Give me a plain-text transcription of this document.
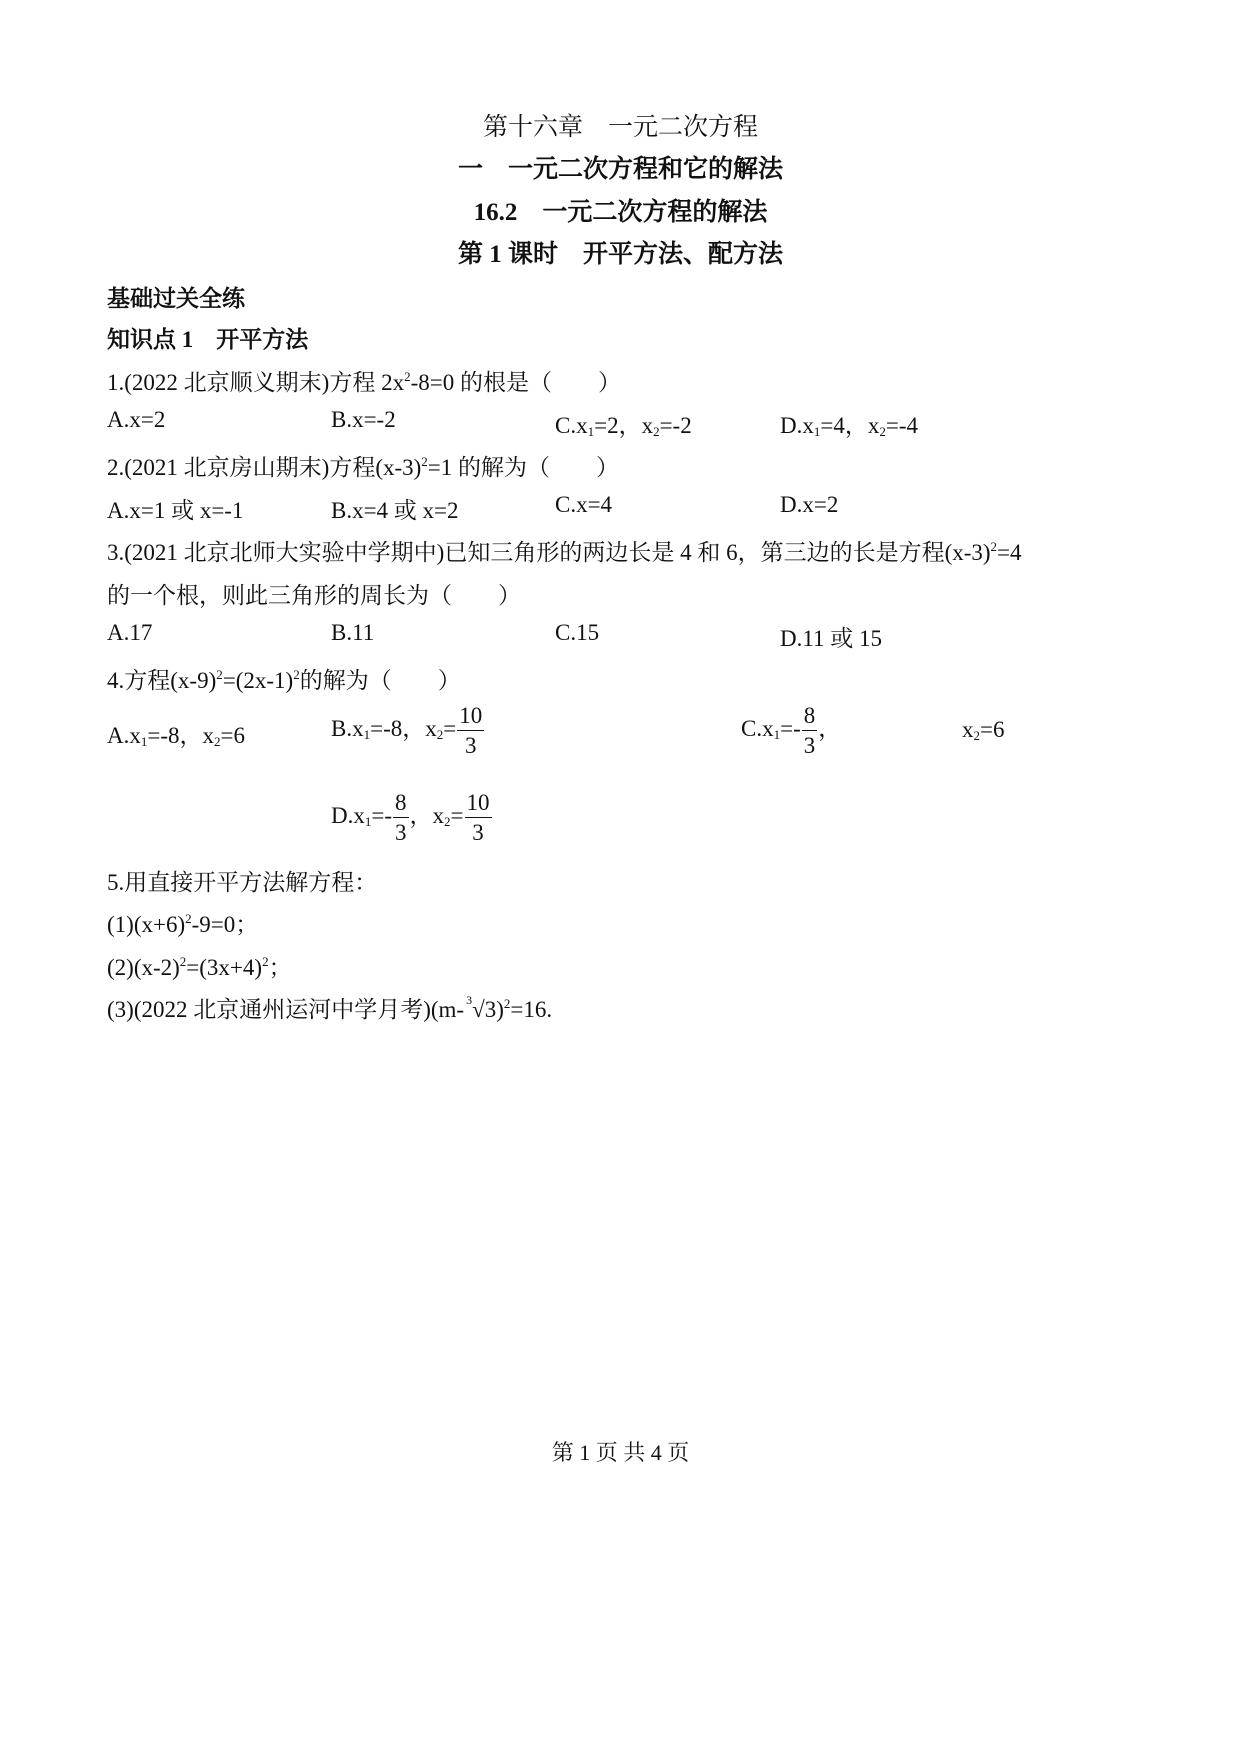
第十六章　一元二次方程
一　一元二次方程和它的解法
16.2　一元二次方程的解法
第 1 课时　开平方法、配方法
基础过关全练
知识点 1　开平方法
1.(2022 北京顺义期末)方程 $2x^2-8=0$ 的根是（　　）
A.x=2	B.x=-2	$C.x_1=2$，$x_2=-2$	$D.x_1=4$，$x_2=-4$
2.(2021 北京房山期末)方程$(x-3)^2=1$ 的解为（　　）
A.x=1 或 x=-1	B.x=4 或 x=2	C.x=4	D.x=2
3.(2021 北京北师大实验中学期中)已知三角形的两边长是 4 和 6，第三边的长是方程$(x-3)^2=4$
的一个根，则此三角形的周长为（　　）
A.17	B.11	C.15	D.11 或 15
4.方程$(x-9)^2=(2x-1)^2$的解为（　　）
$A.x_1=-8$，$x_2=6$	$B.x_1=-8$，$x_2= \frac{10}{3}$	$C.x_1=- \frac{8}{3}$ ，	$x_2=6$
$D.x_1=- \frac{8}{3}$ ，$x_2= \frac{10}{3}$
5.用直接开平方法解方程：
$(1)(x+6)^2-9=0$；
$(2)(x-2)^2=(3x+4)^2$；
(3)(2022 北京通州运河中学月考)(m- 3 √3)$^2$=16.
第 1 页 共 4 页
